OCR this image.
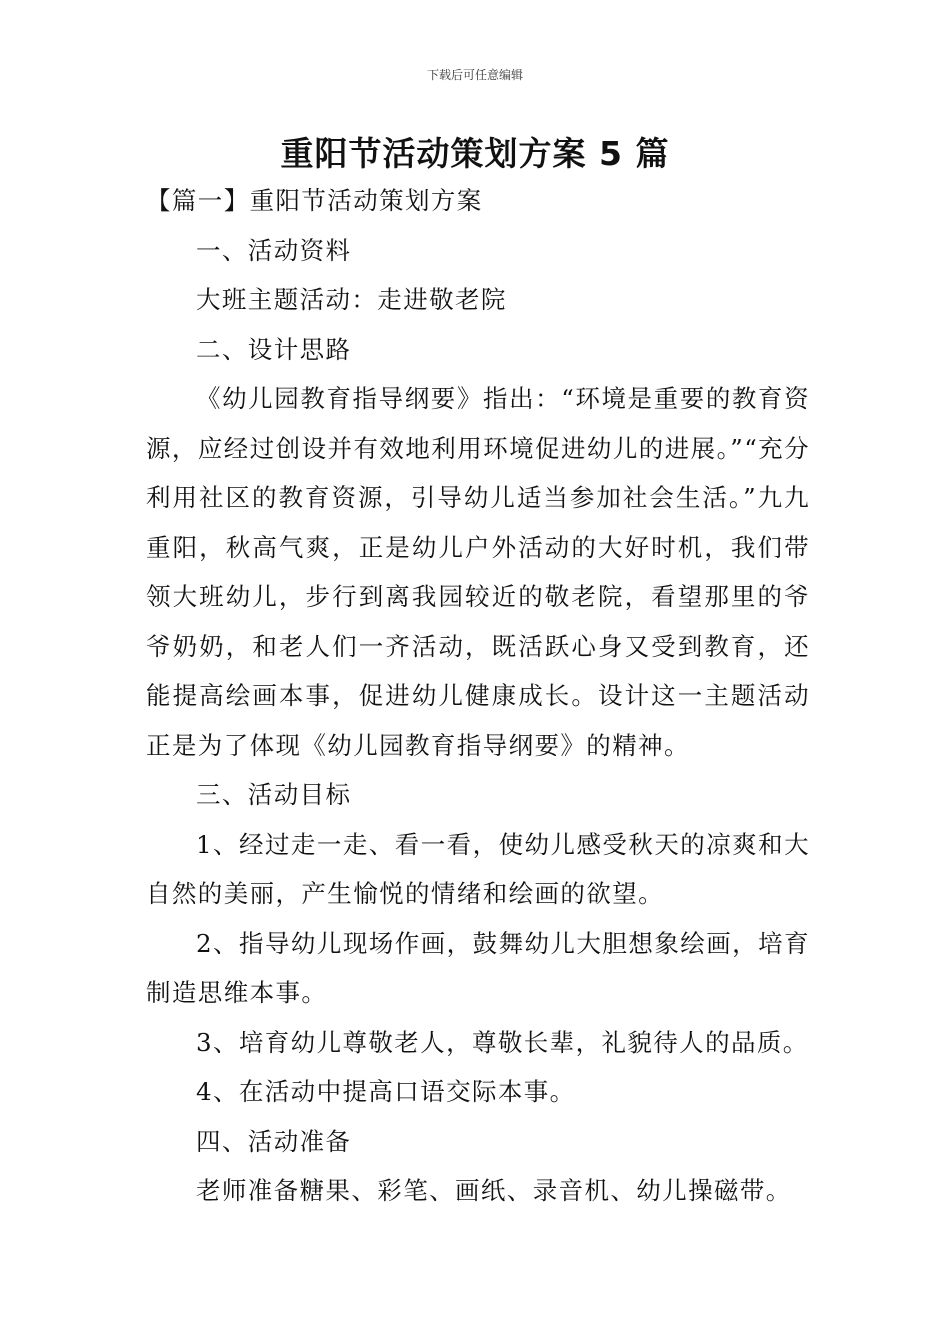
下载后可任意编辑
重阳节活动策划方案 5 篇

【篇一】重阳节活动策划方案

一、活动资料

大班主题活动：走进敬老院

二、设计思路

《幼儿园教育指导纲要》指出：“环境是重要的教育资源，应经过创设并有效地利用环境促进幼儿的进展。”“充分利用社区的教育资源，引导幼儿适当参加社会生活。”九九重阳，秋高气爽，正是幼儿户外活动的大好时机，我们带领大班幼儿，步行到离我园较近的敬老院，看望那里的爷爷奶奶，和老人们一齐活动，既活跃心身又受到教育，还能提高绘画本事，促进幼儿健康成长。设计这一主题活动正是为了体现《幼儿园教育指导纲要》的精神。

三、活动目标

1、经过走一走、看一看，使幼儿感受秋天的凉爽和大自然的美丽，产生愉悦的情绪和绘画的欲望。

2、指导幼儿现场作画，鼓舞幼儿大胆想象绘画，培育制造思维本事。

3、培育幼儿尊敬老人，尊敬长辈，礼貌待人的品质。

4、在活动中提高口语交际本事。

四、活动准备

老师准备糖果、彩笔、画纸、录音机、幼儿操磁带。
